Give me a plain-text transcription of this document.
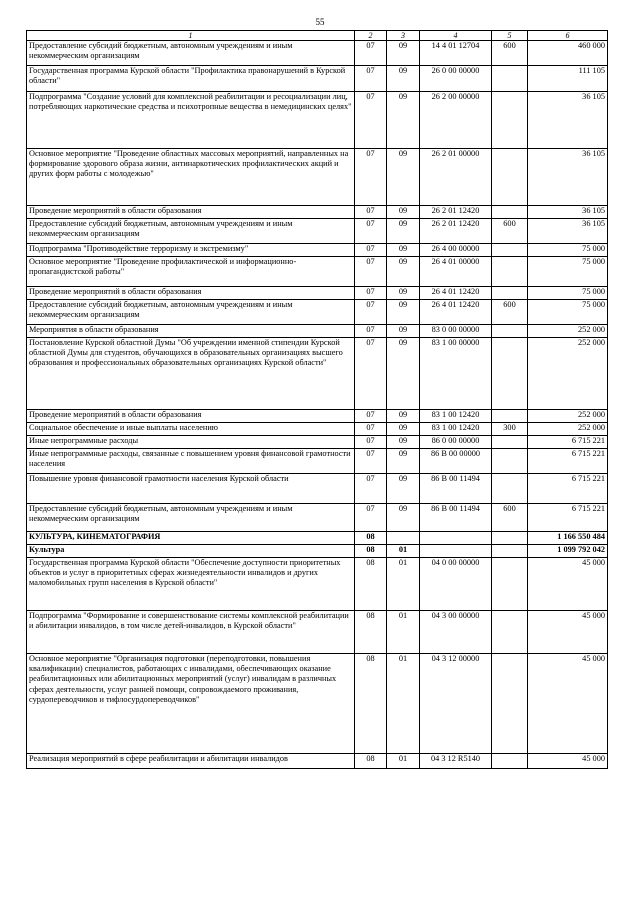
55
1	2	3	4	5	6
Предоставление субсидий бюджетным, автономным учреждениям и иным некоммерческим организациям	07	09	14 4 01 12704	600	460 000
Государственная программа Курской области "Профилактика правонарушений в Курской области"	07	09	26 0 00 00000		111 105
Подпрограмма "Создание условий для комплексной реабилитации и ресоциализации лиц, потребляющих наркотические средства и психотропные вещества в немедицинских целях"	07	09	26 2 00 00000		36 105
Основное мероприятие "Проведение областных массовых мероприятий, направленных на формирование здорового образа жизни, антинаркотических профилактических акций и других форм работы с молодежью"	07	09	26 2 01 00000		36 105
Проведение мероприятий в области образования	07	09	26 2 01 12420		36 105
Предоставление субсидий бюджетным, автономным учреждениям и иным некоммерческим организациям	07	09	26 2 01 12420	600	36 105
Подпрограмма "Противодействие терроризму и экстремизму"	07	09	26 4 00 00000		75 000
Основное мероприятие "Проведение профилактической и информационно-пропагандистской работы"	07	09	26 4 01 00000		75 000
Проведение мероприятий в области образования	07	09	26 4 01 12420		75 000
Предоставление субсидий бюджетным, автономным учреждениям и иным некоммерческим организациям	07	09	26 4 01 12420	600	75 000
Мероприятия в области образования	07	09	83 0 00 00000		252 000
Постановление Курской областной Думы "Об учреждении именной стипендии Курской областной Думы для студентов, обучающихся в образовательных организациях высшего образования и профессиональных образовательных организациях Курской области"	07	09	83 1 00 00000		252 000
Проведение мероприятий в области образования	07	09	83 1 00 12420		252 000
Социальное обеспечение и иные выплаты населению	07	09	83 1 00 12420	300	252 000
Иные непрограммные расходы	07	09	86 0 00 00000		6 715 221
Иные непрограммные расходы, связанные с повышением уровня финансовой грамотности населения	07	09	86 В 00 00000		6 715 221
Повышение уровня финансовой грамотности населения Курской области	07	09	86 В 00 11494		6 715 221
Предоставление субсидий бюджетным, автономным учреждениям и иным некоммерческим организациям	07	09	86 В 00 11494	600	6 715 221
КУЛЬТУРА, КИНЕМАТОГРАФИЯ	08				1 166 550 484
Культура	08	01			1 099 792 042
Государственная программа Курской области "Обеспечение доступности приоритетных объектов и услуг в приоритетных сферах жизнедеятельности инвалидов и других маломобильных групп населения в Курской области"	08	01	04 0 00 00000		45 000
Подпрограмма "Формирование и совершенствование системы комплексной реабилитации и абилитации инвалидов, в том числе детей-инвалидов, в Курской области"	08	01	04 3 00 00000		45 000
Основное мероприятие "Организация подготовки (переподготовки, повышения квалификации) специалистов, работающих с инвалидами, обеспечивающих оказание реабилитационных или абилитационных мероприятий (услуг) инвалидам в различных сферах деятельности, услуг ранней помощи, сопровождаемого проживания, сурдопереводчиков и тифлосурдопереводчиков"	08	01	04 3 12 00000		45 000
Реализация мероприятий в сфере реабилитации и абилитации инвалидов	08	01	04 3 12 R5140		45 000
